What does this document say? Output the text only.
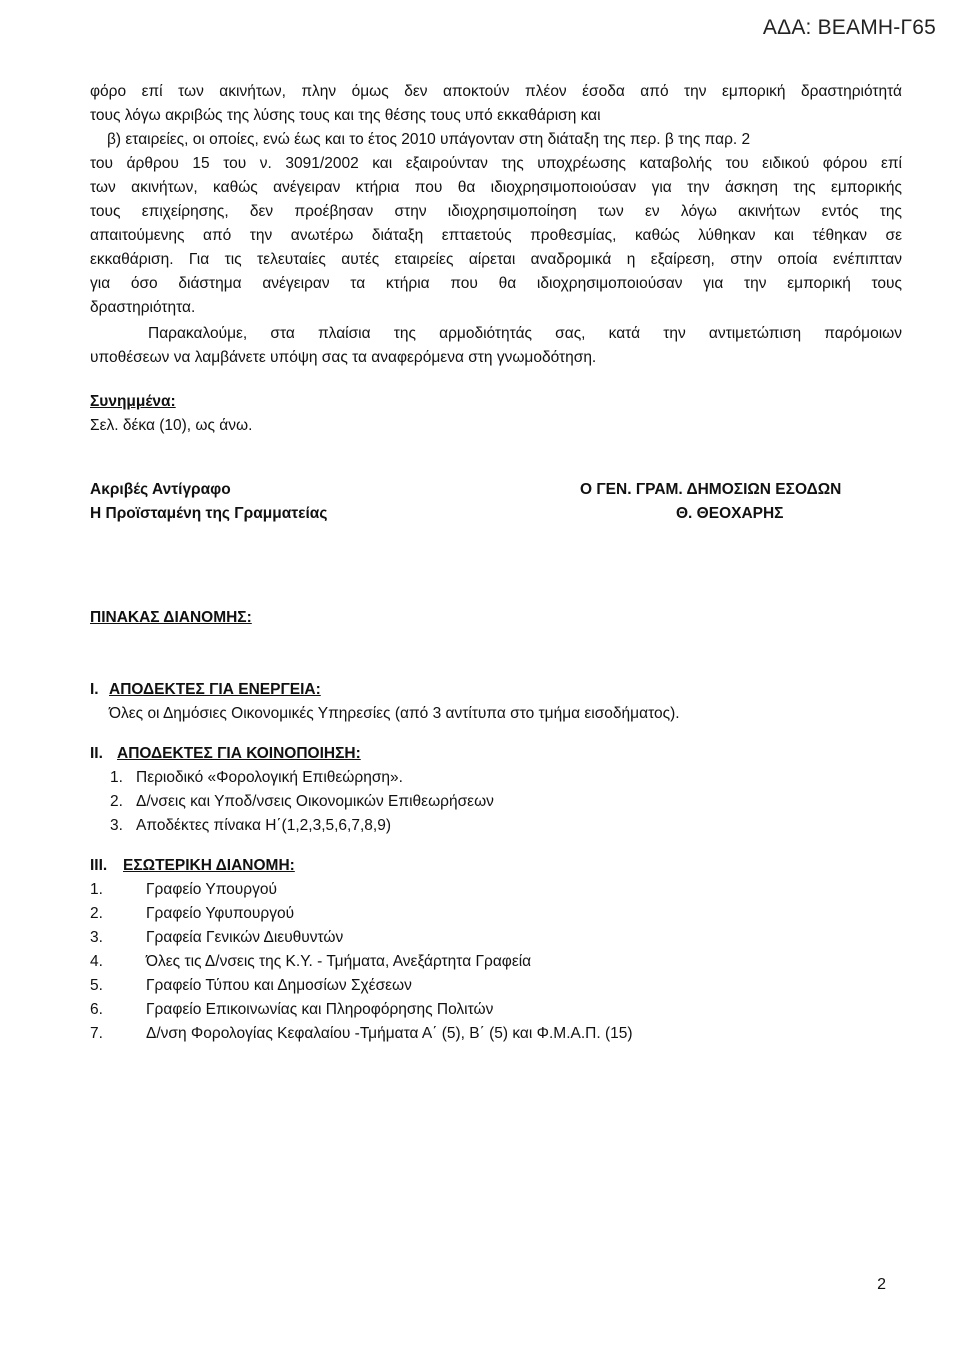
ΑΔΑ: ΒΕΑΜΗ-Γ65
φόρο επί των ακινήτων, πλην όμως δεν αποκτούν πλέον έσοδα από την εμπορική δραστηριότητά
τους λόγω ακριβώς της λύσης τους και της θέσης τους υπό εκκαθάριση και
β) εταιρείες, οι οποίες, ενώ έως και το έτος 2010 υπάγονταν στη διάταξη της περ. β της παρ. 2
του άρθρου 15 του ν. 3091/2002 και εξαιρούνταν της υποχρέωσης καταβολής του ειδικού φόρου επί
των ακινήτων, καθώς ανέγειραν κτήρια που θα ιδιοχρησιμοποιούσαν για την άσκηση της εμπορικής
τους επιχείρησης, δεν προέβησαν στην ιδιοχρησιμοποίηση των εν λόγω ακινήτων εντός της
απαιτούμενης από την ανωτέρω διάταξη επταετούς προθεσμίας, καθώς λύθηκαν και τέθηκαν σε
εκκαθάριση. Για τις τελευταίες αυτές εταιρείες αίρεται αναδρομικά η εξαίρεση, στην οποία ενέπιπταν
για όσο διάστημα ανέγειραν τα κτήρια που θα ιδιοχρησιμοποιούσαν για την εμπορική τους
δραστηριότητα.
Παρακαλούμε, στα πλαίσια της αρμοδιότητάς σας, κατά την αντιμετώπιση παρόμοιων
υποθέσεων να λαμβάνετε υπόψη σας τα αναφερόμενα στη γνωμοδότηση.
Συνημμένα:
Σελ. δέκα (10), ως άνω.
Ακριβές Αντίγραφο
Η Προϊσταμένη της Γραμματείας
Ο ΓΕΝ. ΓΡΑΜ. ΔΗΜΟΣΙΩΝ ΕΣΟΔΩΝ
Θ. ΘΕΟΧΑΡΗΣ
ΠΙΝΑΚΑΣ ΔΙΑΝΟΜΗΣ:
I. ΑΠΟΔΕΚΤΕΣ ΓΙΑ ΕΝΕΡΓΕΙΑ:
Όλες οι Δημόσιες Οικονομικές Υπηρεσίες (από 3 αντίτυπα στο τμήμα εισοδήματος).
II. ΑΠΟΔΕΚΤΕΣ ΓΙΑ ΚΟΙΝΟΠΟΙΗΣΗ:
1. Περιοδικό «Φορολογική Επιθεώρηση».
2. Δ/νσεις και Υποδ/νσεις Οικονομικών Επιθεωρήσεων
3. Αποδέκτες πίνακα Η΄(1,2,3,5,6,7,8,9)
III.	ΕΣΩΤΕΡΙΚΗ ΔΙΑΝΟΜΗ:
1.	Γραφείο Υπουργού
2.	Γραφείο Υφυπουργού
3.	Γραφεία Γενικών Διευθυντών
4.	Όλες τις Δ/νσεις της Κ.Υ. - Τμήματα, Ανεξάρτητα Γραφεία
5.	Γραφείο Τύπου και Δημοσίων Σχέσεων
6.	Γραφείο Επικοινωνίας και Πληροφόρησης Πολιτών
7.	Δ/νση Φορολογίας Κεφαλαίου -Τμήματα Α΄ (5), Β΄ (5) και Φ.Μ.Α.Π. (15)
2
